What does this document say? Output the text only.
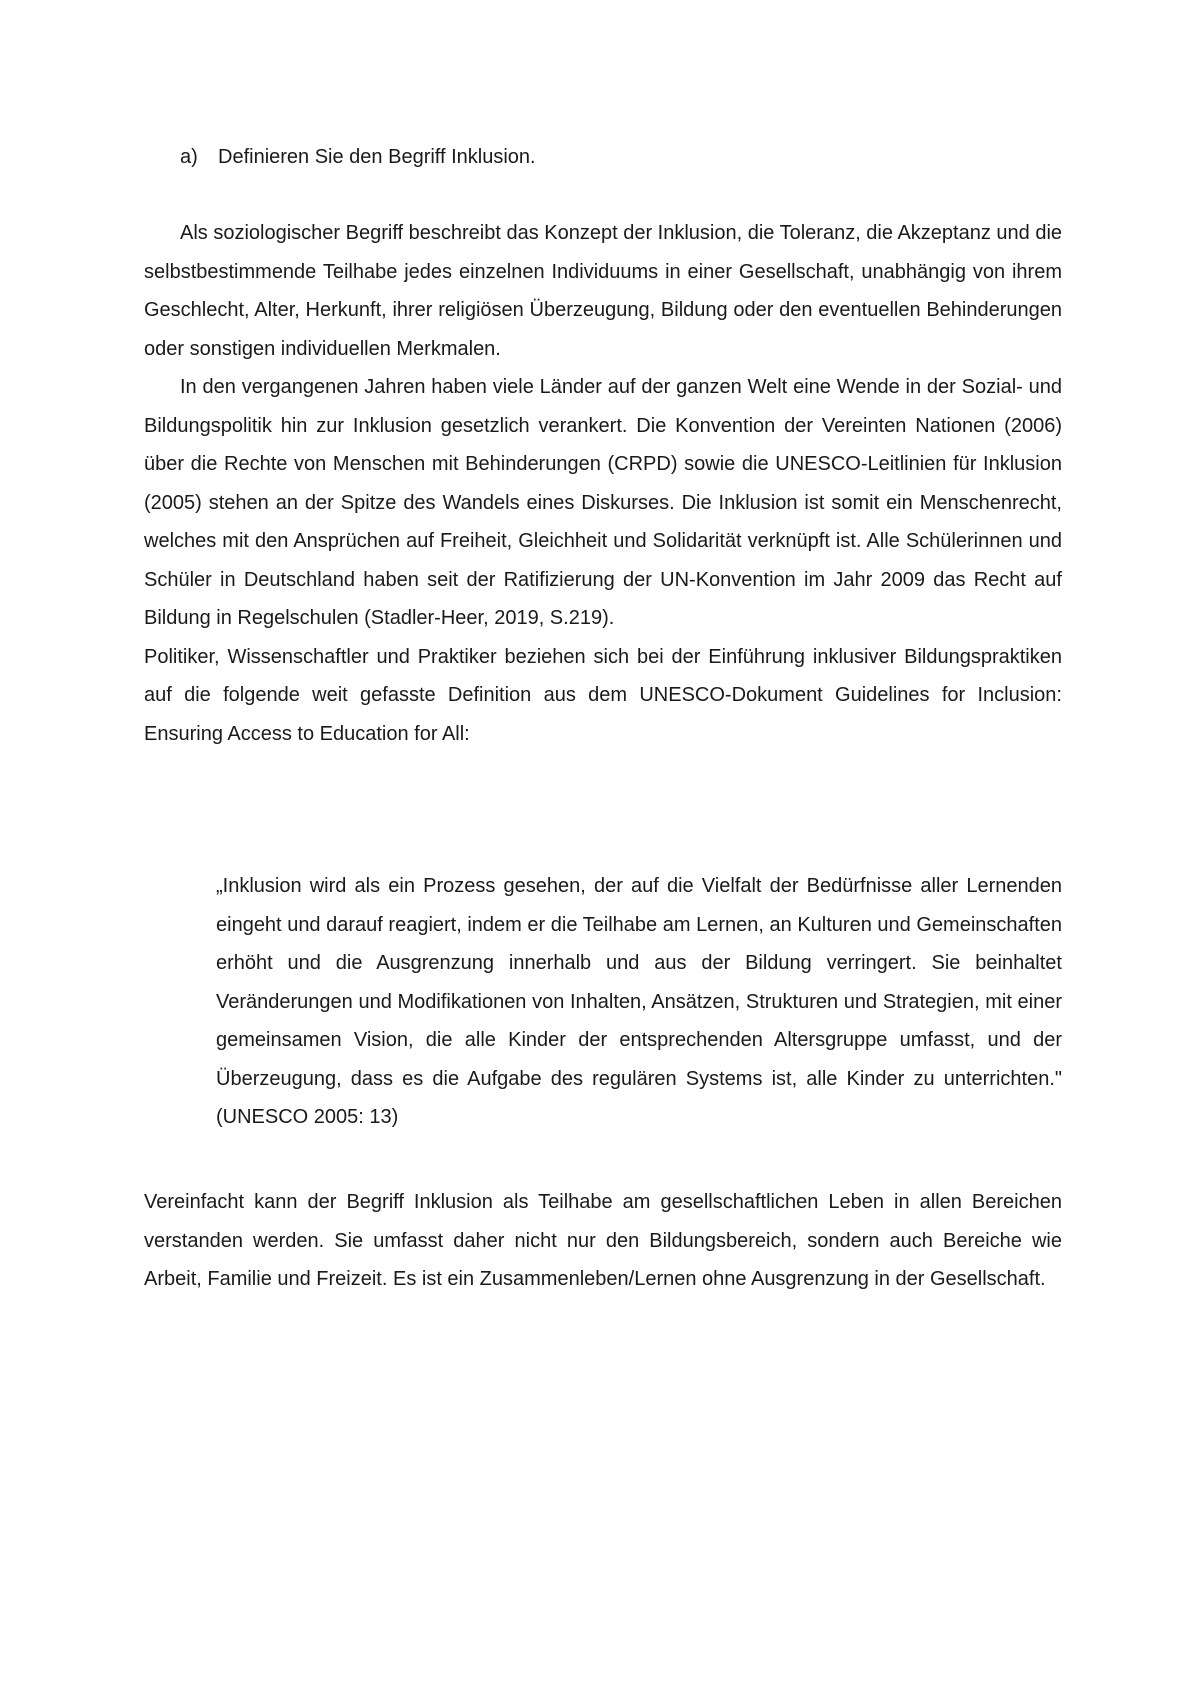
a) Definieren Sie den Begriff Inklusion.

Als soziologischer Begriff beschreibt das Konzept der Inklusion, die Toleranz, die Akzeptanz und die selbstbestimmende Teilhabe jedes einzelnen Individuums in einer Gesellschaft, unabhängig von ihrem Geschlecht, Alter, Herkunft, ihrer religiösen Überzeugung, Bildung oder den eventuellen Behinderungen oder sonstigen individuellen Merkmalen.

In den vergangenen Jahren haben viele Länder auf der ganzen Welt eine Wende in der Sozial- und Bildungspolitik hin zur Inklusion gesetzlich verankert. Die Konvention der Vereinten Nationen (2006) über die Rechte von Menschen mit Behinderungen (CRPD) sowie die UNESCO-Leitlinien für Inklusion (2005) stehen an der Spitze des Wandels eines Diskurses. Die Inklusion ist somit ein Menschenrecht, welches mit den Ansprüchen auf Freiheit, Gleichheit und Solidarität verknüpft ist. Alle Schülerinnen und Schüler in Deutschland haben seit der Ratifizierung der UN-Konvention im Jahr 2009 das Recht auf Bildung in Regelschulen (Stadler-Heer, 2019, S.219).

Politiker, Wissenschaftler und Praktiker beziehen sich bei der Einführung inklusiver Bildungspraktiken auf die folgende weit gefasste Definition aus dem UNESCO-Dokument Guidelines for Inclusion: Ensuring Access to Education for All:

„Inklusion wird als ein Prozess gesehen, der auf die Vielfalt der Bedürfnisse aller Lernenden eingeht und darauf reagiert, indem er die Teilhabe am Lernen, an Kulturen und Gemeinschaften erhöht und die Ausgrenzung innerhalb und aus der Bildung verringert. Sie beinhaltet Veränderungen und Modifikationen von Inhalten, Ansätzen, Strukturen und Strategien, mit einer gemeinsamen Vision, die alle Kinder der entsprechenden Altersgruppe umfasst, und der Überzeugung, dass es die Aufgabe des regulären Systems ist, alle Kinder zu unterrichten." (UNESCO 2005: 13)

Vereinfacht kann der Begriff Inklusion als Teilhabe am gesellschaftlichen Leben in allen Bereichen verstanden werden. Sie umfasst daher nicht nur den Bildungsbereich, sondern auch Bereiche wie Arbeit, Familie und Freizeit. Es ist ein Zusammenleben/Lernen ohne Ausgrenzung in der Gesellschaft.
